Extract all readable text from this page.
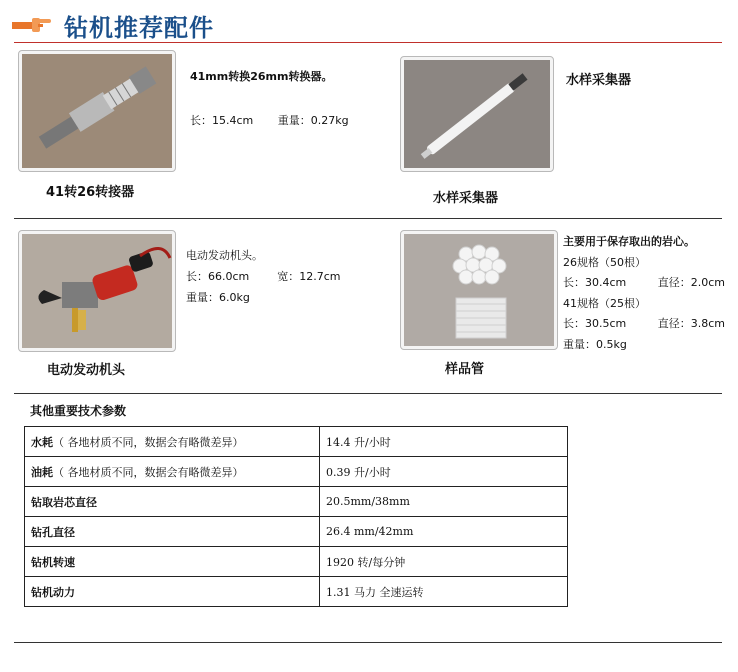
钻机推荐配件
41转26转接器
41mm转换26mm转换器。
长：15.4cm       重量：0.27kg
水样采集器
水样采集器
电动发动机头
电动发动机头。
长：66.0cm        宽：12.7cm
重量：6.0kg
样品管
主要用于保存取出的岩心。
26规格（50根）
长：30.4cm         直径：2.0cm
41规格（25根）
长：30.5cm         直径：3.8cm
重量：0.5kg
其他重要技术参数
水耗（ 各地材质不同，数据会有略微差异）	14.4 升/小时
油耗（ 各地材质不同，数据会有略微差异）	0.39 升/小时
钻取岩芯直径	20.5mm/38mm
钻孔直径	26.4 mm/42mm
钻机转速	1920 转/每分钟
钻机动力	1.31 马力 全速运转
